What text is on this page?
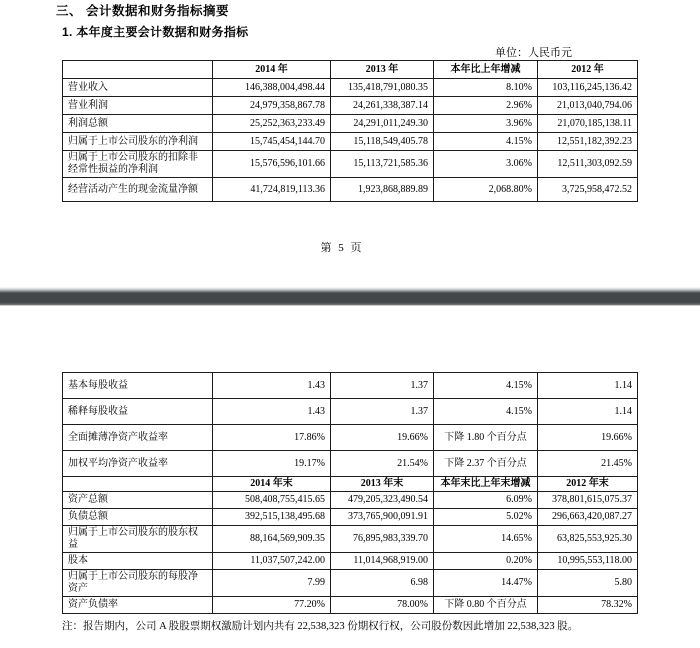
三、 会计数据和财务指标摘要
1. 本年度主要会计数据和财务指标
单位：人民币元
	2014 年	2013 年	本年比上年增减	2012 年
营业收入	146,388,004,498.44	135,418,791,080.35	8.10%	103,116,245,136.42
营业利润	24,979,358,867.78	24,261,338,387.14	2.96%	21,013,040,794.06
利润总额	25,252,363,233.49	24,291,011,249.30	3.96%	21,070,185,138.11
归属于上市公司股东的净利润	15,745,454,144.70	15,118,549,405.78	4.15%	12,551,182,392.23
归属于上市公司股东的扣除非经常性损益的净利润	15,576,596,101.66	15,113,721,585.36	3.06%	12,511,303,092.59
经营活动产生的现金流量净额	41,724,819,113.36	1,923,868,889.89	2,068.80%	3,725,958,472.52
第 5 页
基本每股收益	1.43	1.37	4.15%	1.14
稀释每股收益	1.43	1.37	4.15%	1.14
全面摊薄净资产收益率	17.86%	19.66%	下降 1.80 个百分点	19.66%
加权平均净资产收益率	19.17%	21.54%	下降 2.37 个百分点	21.45%
	2014 年末	2013 年末	本年末比上年末增减	2012 年末
资产总额	508,408,755,415.65	479,205,323,490.54	6.09%	378,801,615,075.37
负债总额	392,515,138,495.68	373,765,900,091.91	5.02%	296,663,420,087.27
归属于上市公司股东的股东权益	88,164,569,909.35	76,895,983,339.70	14.65%	63,825,553,925.30
股本	11,037,507,242.00	11,014,968,919.00	0.20%	10,995,553,118.00
归属于上市公司股东的每股净资产	7.99	6.98	14.47%	5.80
资产负债率	77.20%	78.00%	下降 0.80 个百分点	78.32%
注：报告期内，公司 A 股股票期权激励计划内共有 22,538,323 份期权行权，公司股份数因此增加 22,538,323 股。
